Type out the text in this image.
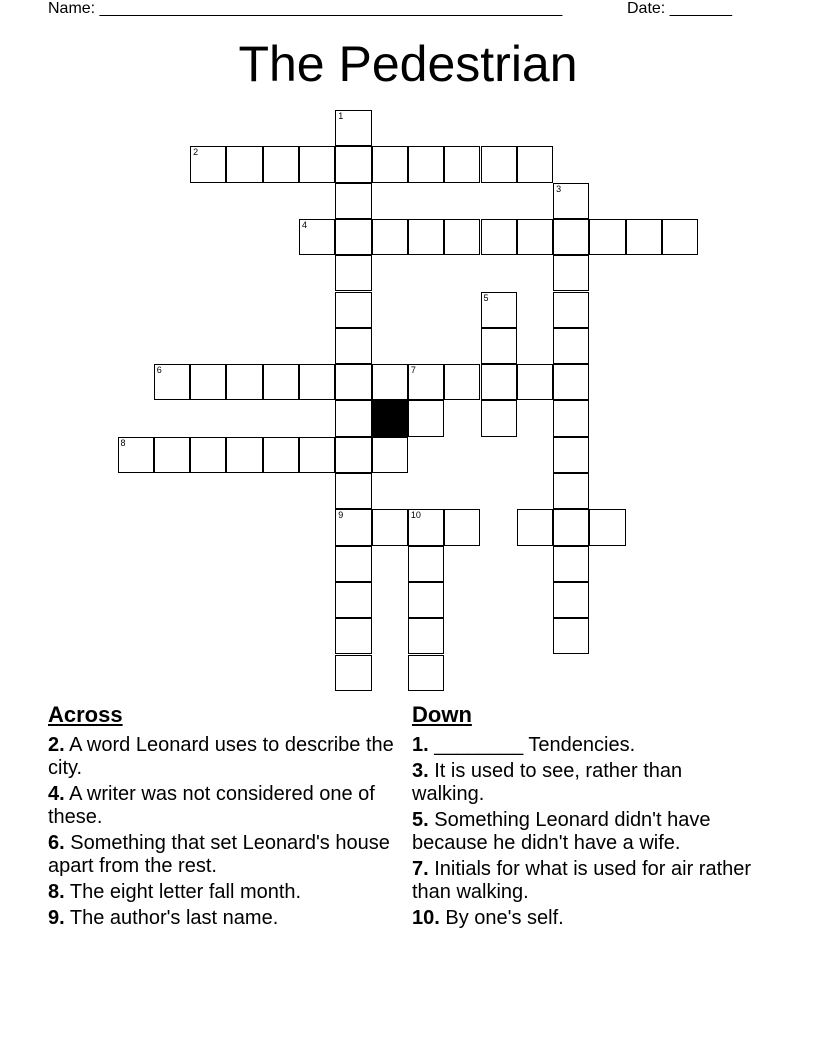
Name: ____________________________________________________	Date: _______
The Pedestrian
1
9
2
3
4
5
6	7
8
10
Across
2. A word Leonard uses to describe the city.
4. A writer was not considered one of these.
6. Something that set Leonard's house apart from the rest.
8. The eight letter fall month.
9. The author's last name.
Down
1. ________ Tendencies.
3. It is used to see, rather than walking.
5. Something Leonard didn't have because he didn't have a wife.
7. Initials for what is used for air rather than walking.
10. By one's self.
